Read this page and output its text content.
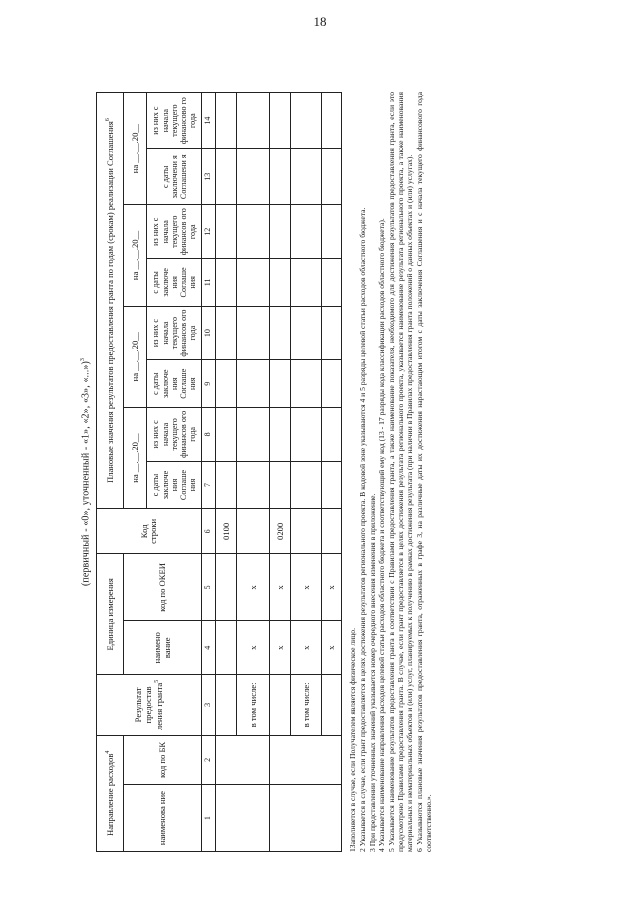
18
(первичный - «0», уточненный - «1», «2», «3», «...»)$^3$
Направление расходов$^4$		Результат предостав ления гранта$^5$	Единица измерения		Код строки	Плановые значения результатов предоставления гранта по годам (срокам) реализации Соглашения$^6$
наименова ние	код по БК		наимено вание	код по ОКЕИ		на __.__.20__		на __.__.20__		на __.__.20__		на __.__.20__	
						с даты заключе ния Соглаше ния	из них с начала текущего финансов ого года	с даты заключе ния Соглаше ния	из них с начала текущего финансов ого года	с даты заключе ния Соглаше ния	из них с начала текущего финансов ого года	с даты заключени я Соглашени я	из них с начала текущего финансово го года
1	2	3	4	5	6	7	8	9	10	11	12	13	14
					0100								
		в том числе:	х	х									
			х	х	0200								
		в том числе:	х	х									
			х	х									

1Заполняется в случае, если Получателем является физическое лицо. 2 Указывается в случае, если грант предоставляется в целях достижения результатов регионального проекта. В кодовой зоне указываются 4 и 5 разряды целевой статьи расходов областного бюджета. 3 При представлении уточненных значений указывается номер очередного внесения изменения в приложение. 4 Указывается наименование направления расходов целевой статьи расходов областного бюджета и соответствующий ему код (13 - 17 разряды кода классификации расходов областного бюджета). 5 Указывается наименование результатов предоставления гранта в соответствии с Правилами предоставления гранта, а также наименование показателя, необходимого для достижения результатов предоставления гранта, если это предусмотрено Правилами предоставления гранта. В случае, если грант предоставляется в целях достижения результата регионального проекта, указывается наименование результата регионального проекта, а также наименования материальных и нематериальных объектов и (или) услуг, планируемых к получению в рамках достижения результата (при наличии в Правилах предоставления гранта положений о данных объектах и (или) услугах). 6 Указываются плановые значения результатов предоставления гранта, отраженных в графе 3, на различные даты их достижения нарастающим итогом с даты заключения Соглашения и с начала текущего финансового года соответственно.».
